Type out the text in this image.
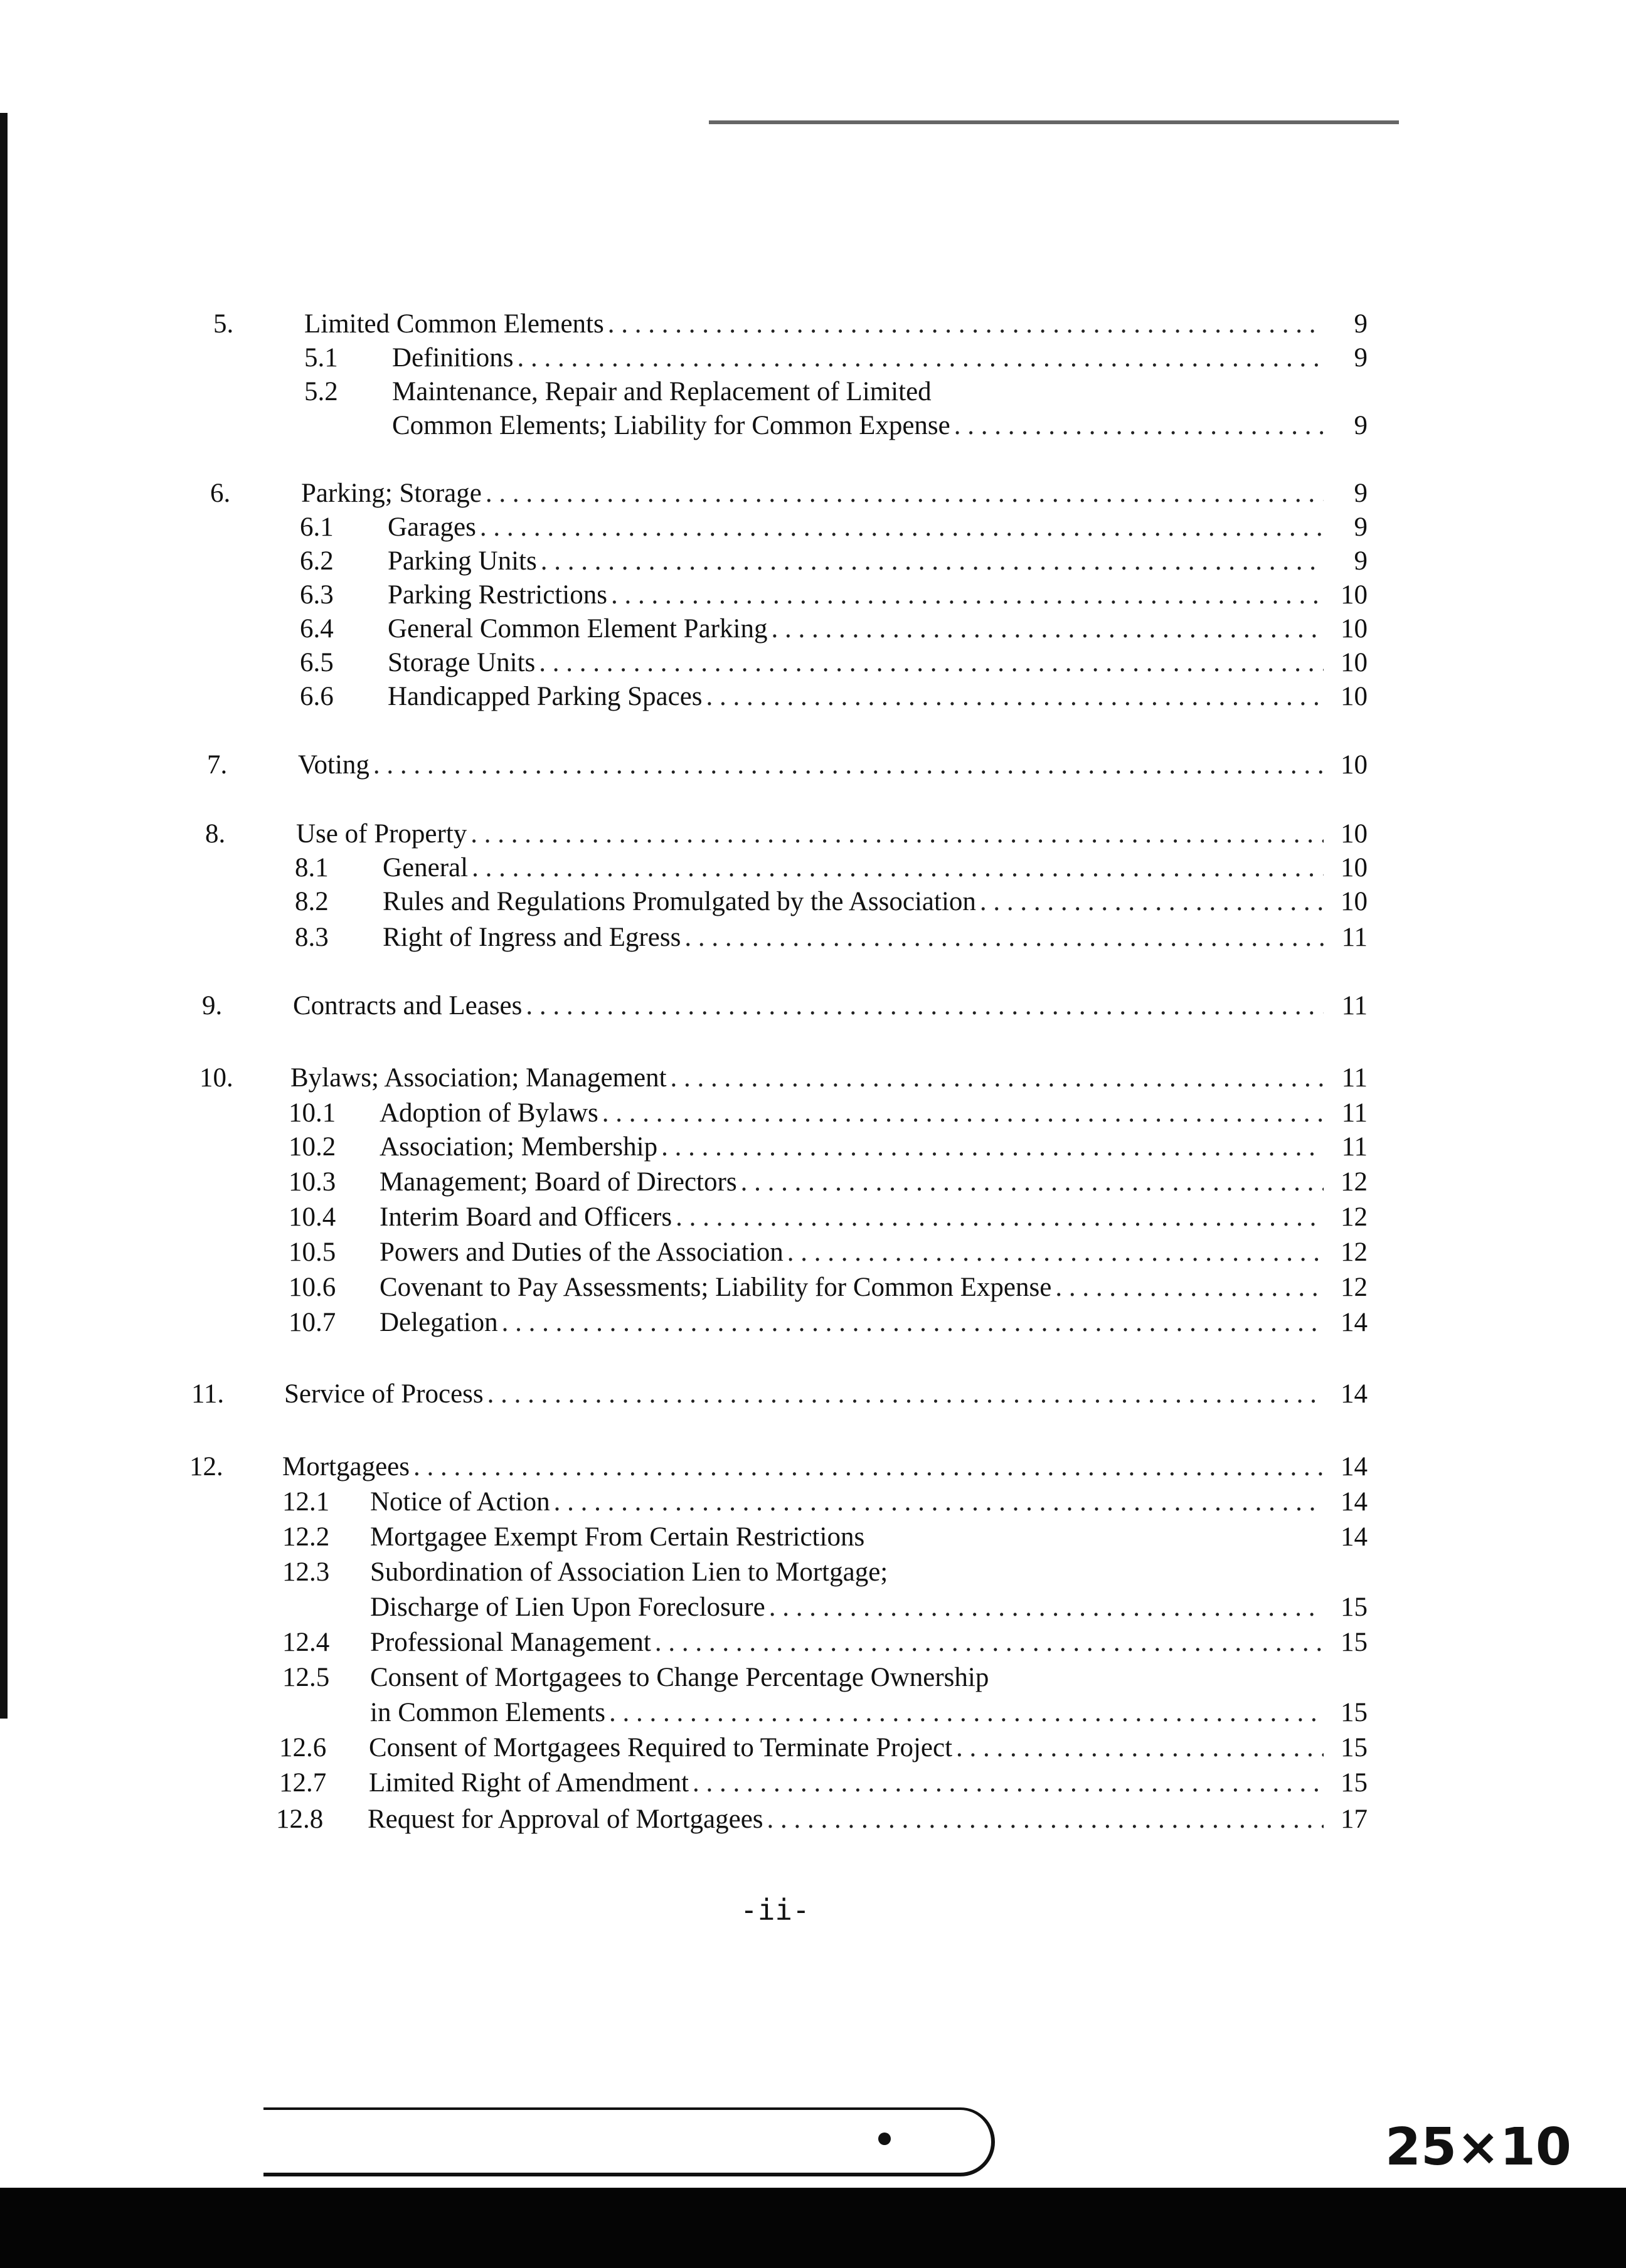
5.	Limited Common Elements . . .	9
5.1	Definitions . . .	9
5.2 Maintenance, Repair and Replacement of Limited
Common Elements; Liability for Common Expense . . .	9
6.	Parking; Storage . . .	9
6.1	Garages . . .	9
6.2	Parking Units . . .	9
6.3	Parking Restrictions . . .	10
6.4	General Common Element Parking . . .	10
6.5	Storage Units . . .	10
6.6	Handicapped Parking Spaces . . .	10
7.	Voting . . .	10
8.	Use of Property . . .	10
8.1	General . . .	10
8.2	Rules and Regulations Promulgated by the Association . . .	10
8.3	Right of Ingress and Egress . . .	11
9.	Contracts and Leases . . .	11
10.	Bylaws; Association; Management . . .	11
10.1	Adoption of Bylaws . . .	11
10.2	Association; Membership . . .	11
10.3	Management; Board of Directors . . .	12
10.4	Interim Board and Officers . . .	12
10.5	Powers and Duties of the Association . . .	12
10.6	Covenant to Pay Assessments; Liability for Common Expense . . .	12
10.7	Delegation . . .	14
11.	Service of Process . . .	14
12.	Mortgagees . . .	14
12.1	Notice of Action . . .	14
12.2	Mortgagee Exempt From Certain Restrictions	14
12.3 Subordination of Association Lien to Mortgage;
Discharge of Lien Upon Foreclosure . . .	15
12.4	Professional Management . . .	15
12.5 Consent of Mortgagees to Change Percentage Ownership
in Common Elements . . .	15
12.6	Consent of Mortgagees Required to Terminate Project . . .	15
12.7	Limited Right of Amendment . . .	15
12.8	Request for Approval of Mortgagees . . .	17
-ii-
25×10
